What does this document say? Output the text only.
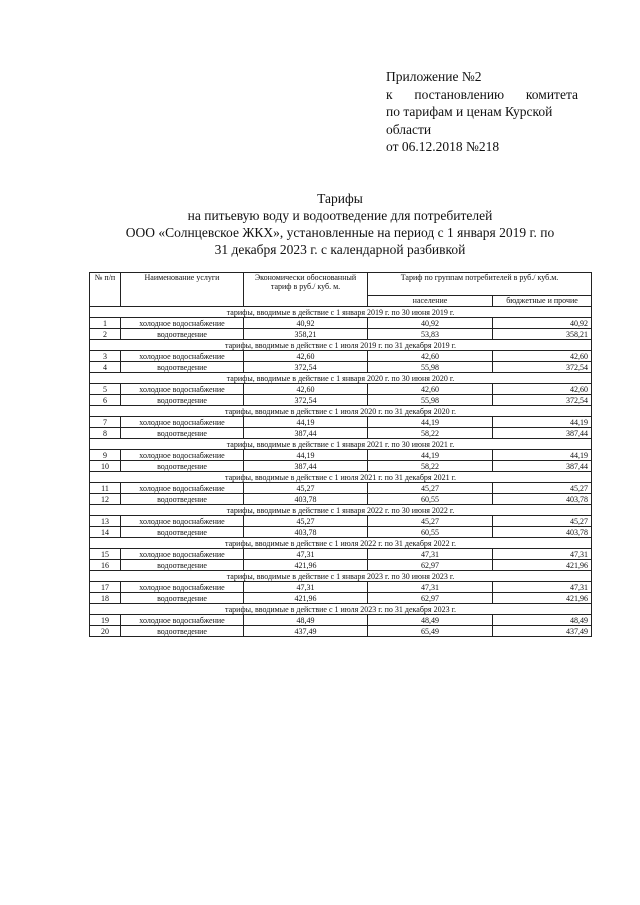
Приложение №2
к постановлению комитета
по тарифам и ценам Курской
области
от 06.12.2018 №218
Тарифы
на питьевую воду и водоотведение для потребителей
ООО «Солнцевское ЖКХ», установленные на период с 1 января 2019 г. по
31 декабря 2023 г. с календарной разбивкой
№ п/п	Наименование услуги	Экономически обоснованный тариф в руб./ куб. м.	Тариф по группам потребителей в руб./ куб.м.	
			население	бюджетные и прочие
тарифы, вводимые в действие с 1 января 2019 г. по 30 июня 2019 г.				
1	холодное водоснабжение	40,92	40,92	40,92
2	водоотведение	358,21	53,83	358,21
тарифы, вводимые в действие с 1 июля 2019 г. по 31 декабря 2019 г.				
3	холодное водоснабжение	42,60	42,60	42,60
4	водоотведение	372,54	55,98	372,54
тарифы, вводимые в действие с 1 января 2020 г. по 30 июня 2020 г.				
5	холодное водоснабжение	42,60	42,60	42,60
6	водоотведение	372,54	55,98	372,54
тарифы, вводимые в действие с 1 июля 2020 г. по 31 декабря 2020 г.				
7	холодное водоснабжение	44,19	44,19	44,19
8	водоотведение	387,44	58,22	387,44
тарифы, вводимые в действие с 1 января 2021 г. по 30 июня 2021 г.				
9	холодное водоснабжение	44,19	44,19	44,19
10	водоотведение	387,44	58,22	387,44
тарифы, вводимые в действие с 1 июля 2021 г. по 31 декабря 2021 г.				
11	холодное водоснабжение	45,27	45,27	45,27
12	водоотведение	403,78	60,55	403,78
тарифы, вводимые в действие с 1 января 2022 г. по 30 июня 2022 г.				
13	холодное водоснабжение	45,27	45,27	45,27
14	водоотведение	403,78	60,55	403,78
тарифы, вводимые в действие с 1 июля 2022 г. по 31 декабря 2022 г.				
15	холодное водоснабжение	47,31	47,31	47,31
16	водоотведение	421,96	62,97	421,96
тарифы, вводимые в действие с 1 января 2023 г. по 30 июня 2023 г.				
17	холодное водоснабжение	47,31	47,31	47,31
18	водоотведение	421,96	62,97	421,96
тарифы, вводимые в действие с 1 июля 2023 г. по 31 декабря 2023 г.				
19	холодное водоснабжение	48,49	48,49	48,49
20	водоотведение	437,49	65,49	437,49
